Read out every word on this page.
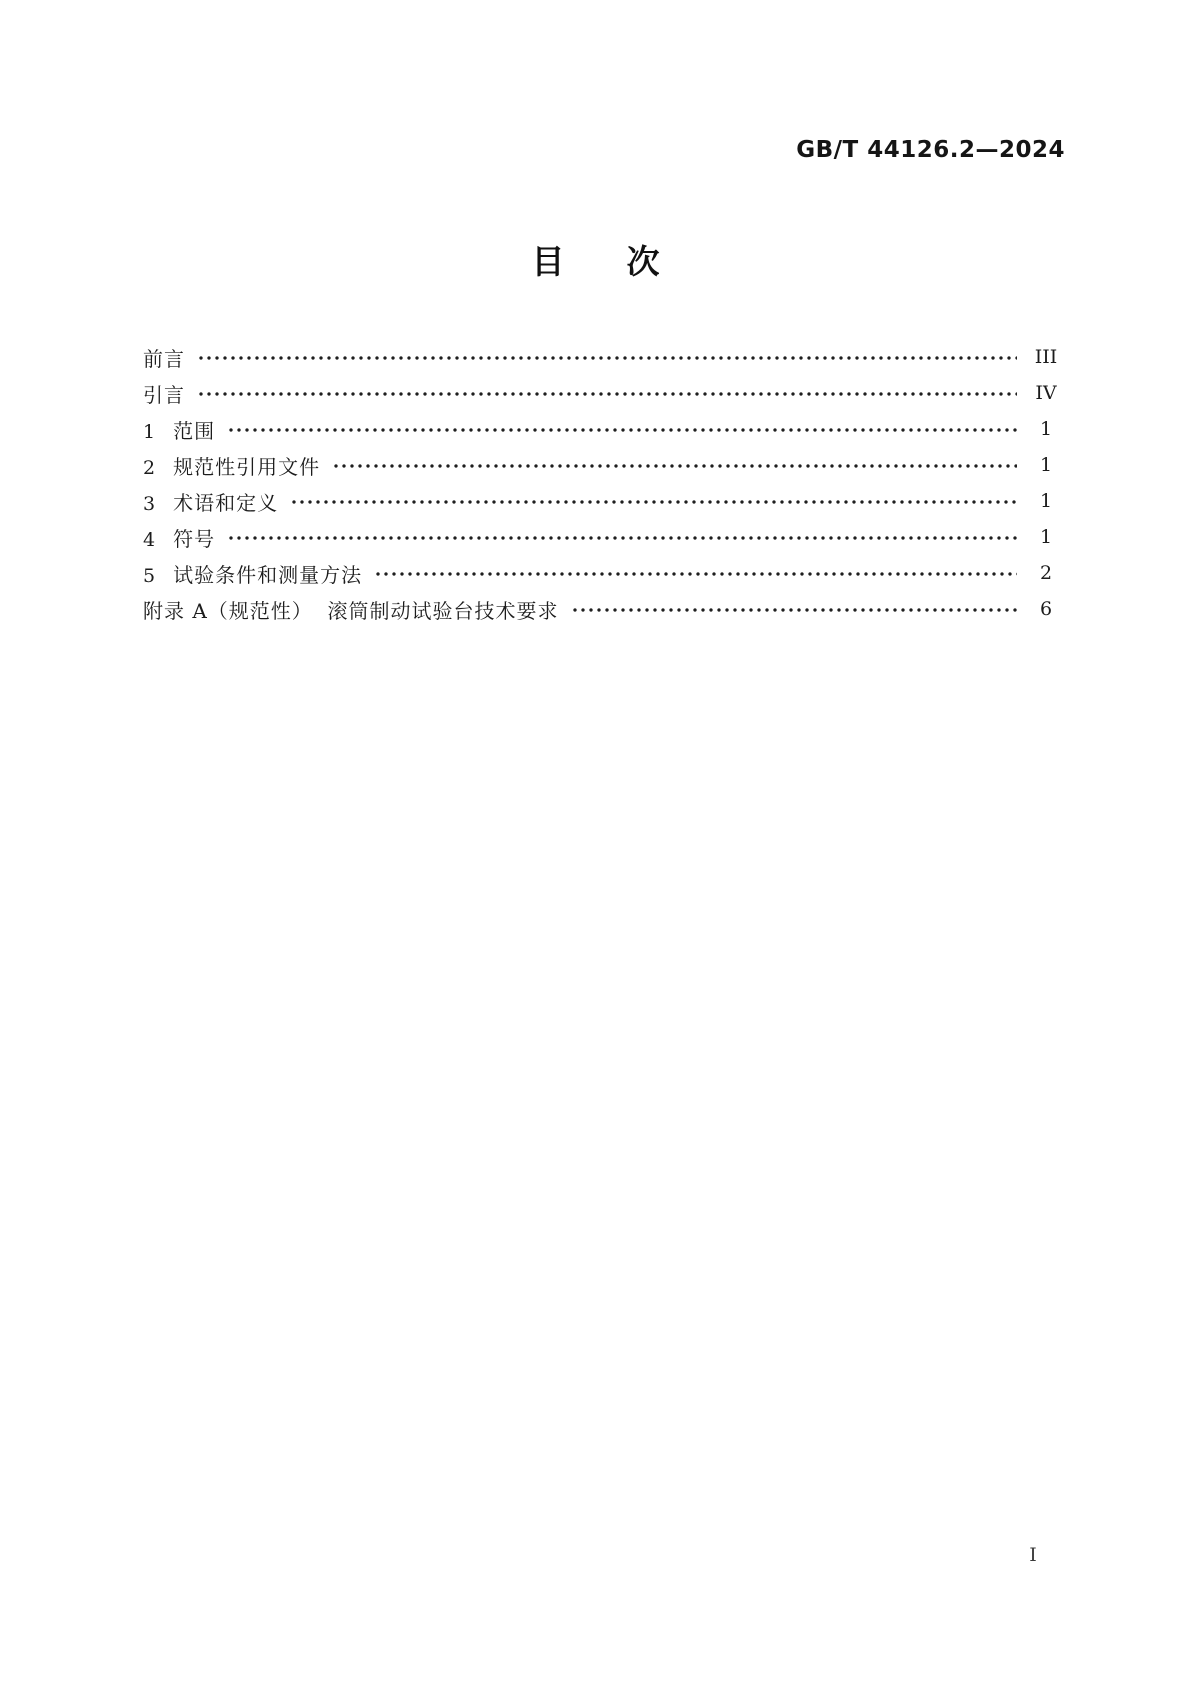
GB/T 44126.2—2024
目 次
前言	III
引言	IV
1 范围	1
2 规范性引用文件	1
3 术语和定义	1
4 符号	1
5 试验条件和测量方法	2
附录 A（规范性）  滚筒制动试验台技术要求	6
I
